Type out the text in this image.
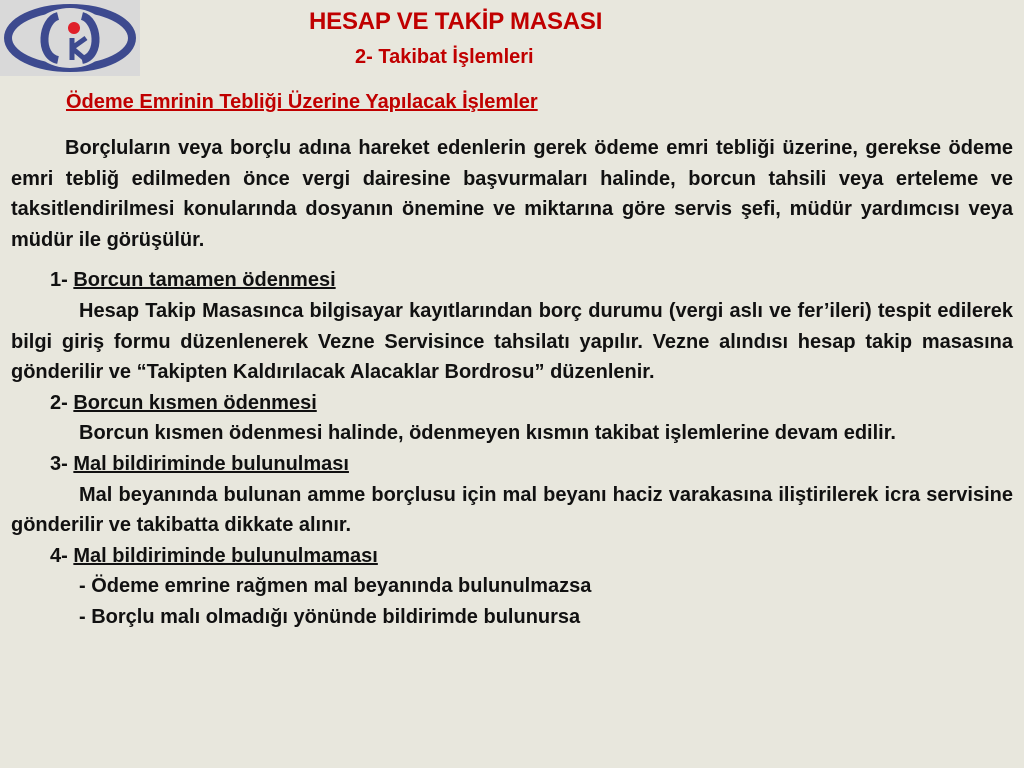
HESAP VE TAKİP MASASI
2- Takibat İşlemleri
Ödeme Emrinin Tebliği Üzerine Yapılacak İşlemler

Borçluların veya borçlu adına hareket edenlerin gerek ödeme emri tebliği üzerine, gerekse ödeme emri tebliğ edilmeden önce vergi dairesine başvurmaları halinde, borcun tahsili veya erteleme ve taksitlendirilmesi konularında dosyanın önemine ve miktarına göre servis şefi, müdür yardımcısı veya müdür ile görüşülür.

1- Borcun tamamen ödenmesi

Hesap Takip Masasınca bilgisayar kayıtlarından borç durumu (vergi aslı ve fer’ileri) tespit edilerek bilgi giriş formu düzenlenerek Vezne Servisince tahsilatı yapılır. Vezne alındısı hesap takip masasına gönderilir ve “Takipten Kaldırılacak Alacaklar Bordrosu” düzenlenir.

2- Borcun kısmen ödenmesi

Borcun kısmen ödenmesi halinde, ödenmeyen kısmın takibat işlemlerine devam edilir.

3- Mal bildiriminde bulunulması

Mal beyanında bulunan amme borçlusu için mal beyanı haciz varakasına iliştirilerek icra servisine gönderilir ve takibatta dikkate alınır.

4- Mal bildiriminde bulunulmaması

- Ödeme emrine rağmen mal beyanında bulunulmazsa

- Borçlu malı olmadığı yönünde bildirimde bulunursa
